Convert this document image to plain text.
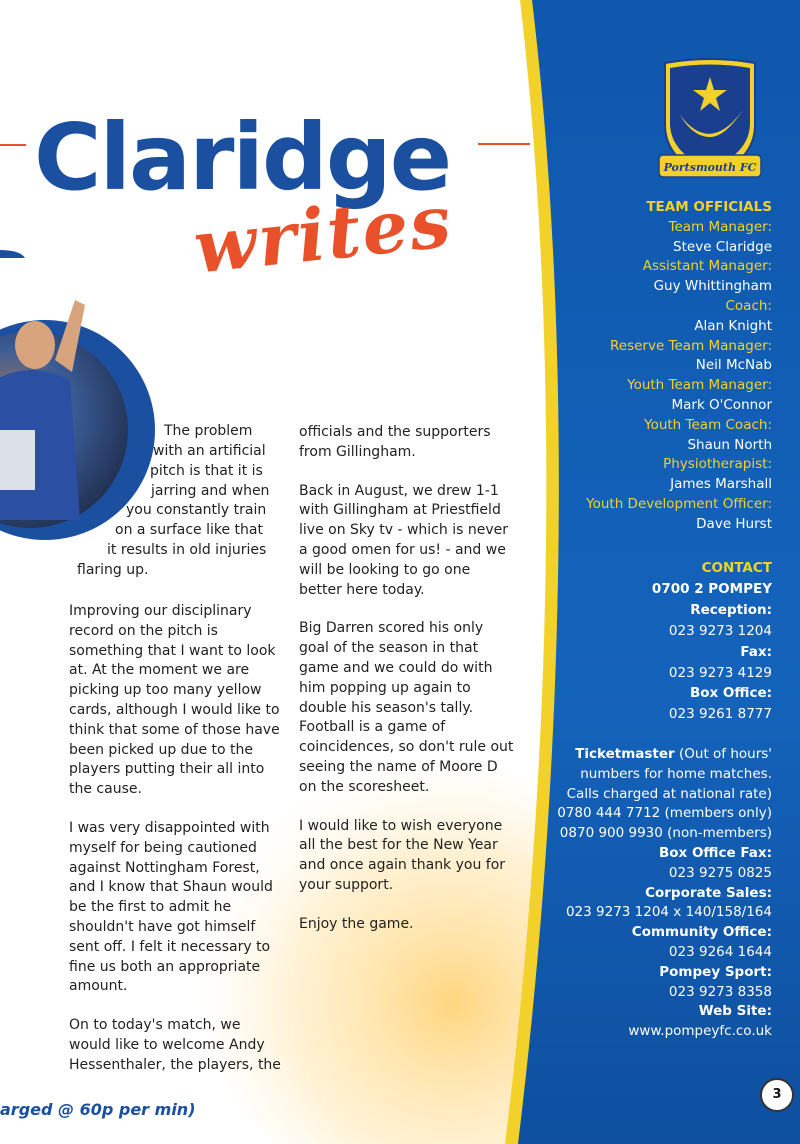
Claridge
writes
The problem
with an artificial
pitch is that it is
jarring and when
you constantly train
on a surface like that
it results in old injuries
flaring up.

Improving our disciplinary record on the pitch is something that I want to look at. At the moment we are picking up too many yellow cards, although I would like to think that some of those have been picked up due to the players putting their all into the cause.

I was very disappointed with myself for being cautioned against Nottingham Forest, and I know that Shaun would be the first to admit he shouldn't have got himself sent off. I felt it necessary to fine us both an appropriate amount.

On to today's match, we would like to welcome Andy Hessenthaler, the players, the

officials and the supporters from Gillingham.

Back in August, we drew 1-1 with Gillingham at Priestfield live on Sky tv - which is never a good omen for us! - and we will be looking to go one better here today.

Big Darren scored his only goal of the season in that game and we could do with him popping up again to double his season's tally. Football is a game of coincidences, so don't rule out seeing the name of Moore D on the scoresheet.

I would like to wish everyone all the best for the New Year and once again thank you for your support.

Enjoy the game.

arged @ 60p per min)
Portsmouth FC
TEAM OFFICIALS
Team Manager:
Steve Claridge
Assistant Manager:
Guy Whittingham
Coach:
Alan Knight
Reserve Team Manager:
Neil McNab
Youth Team Manager:
Mark O'Connor
Youth Team Coach:
Shaun North
Physiotherapist:
James Marshall
Youth Development Officer:
Dave Hurst
CONTACT
0700 2 POMPEY
Reception:
023 9273 1204
Fax:
023 9273 4129
Box Office:
023 9261 8777
Ticketmaster (Out of hours'
numbers for home matches.
Calls charged at national rate)
0780 444 7712 (members only)
0870 900 9930 (non-members)
Box Office Fax:
023 9275 0825
Corporate Sales:
023 9273 1204 x 140/158/164
Community Office:
023 9264 1644
Pompey Sport:
023 9273 8358
Web Site:
www.pompeyfc.co.uk
3
